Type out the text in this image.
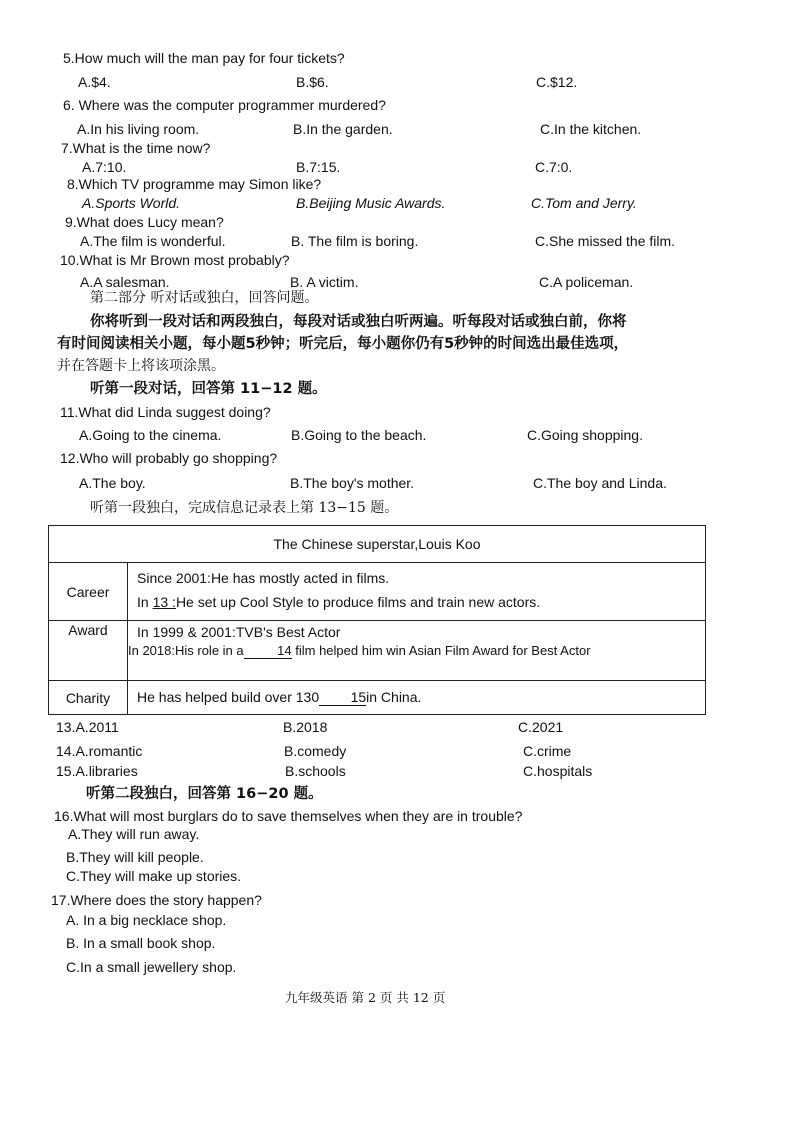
5.How much will the man pay for four tickets?
A.$4.	B.$6.	C.$12.
6. Where was the computer programmer murdered?
A.In his living room.	B.In the garden.	C.In the kitchen.
7.What is the time now?
A.7:10.	B.7:15.	C.7:0.
8.Which TV programme may Simon like?
A.Sports World.	B.Beijing Music Awards.	C.Tom and Jerry.
9.What does Lucy mean?
A.The film is wonderful.	B. The film is boring.	C.She missed the film.
10.What is Mr Brown most probably?
A.A salesman.	B. A victim.	C.A policeman.
第二部分 听对话或独白，回答问题。
你将听到一段对话和两段独白，每段对话或独白听两遍。听每段对话或独白前，你将
有时间阅读相关小题，每小题5秒钟；听完后，每小题你仍有5秒钟的时间选出最佳选项，
并在答题卡上将该项涂黑。
听第一段对话，回答第 11−12 题。
11.What did Linda suggest doing?
A.Going to the cinema.	B.Going to the beach.	C.Going shopping.
12.Who will probably go shopping?
A.The boy.	B.The boy's mother.	C.The boy and Linda.
听第一段独白，完成信息记录表上第 13−15 题。
The Chinese superstar,Louis Koo	
Career	Since 2001:He has mostly acted in films.
In 13 :He set up Cool Style to produce films and train new actors.

Award	In 1999 & 2001:TVB's Best Actor
In 2018:His role in a 14 film helped him win Asian Film Award for Best Actor

Charity	He has helped build over 130 15in China.
13.A.2011	B.2018	C.2021
14.A.romantic	B.comedy	C.crime
15.A.libraries	B.schools	C.hospitals
听第二段独白，回答第 16−20 题。
16.What will most burglars do to save themselves when they are in trouble?
A.They will run away.
B.They will kill people.
C.They will make up stories.
17.Where does the story happen?
A. In a big necklace shop.
B. In a small book shop.
C.In a small jewellery shop.
九年级英语 第 2 页 共 12 页
